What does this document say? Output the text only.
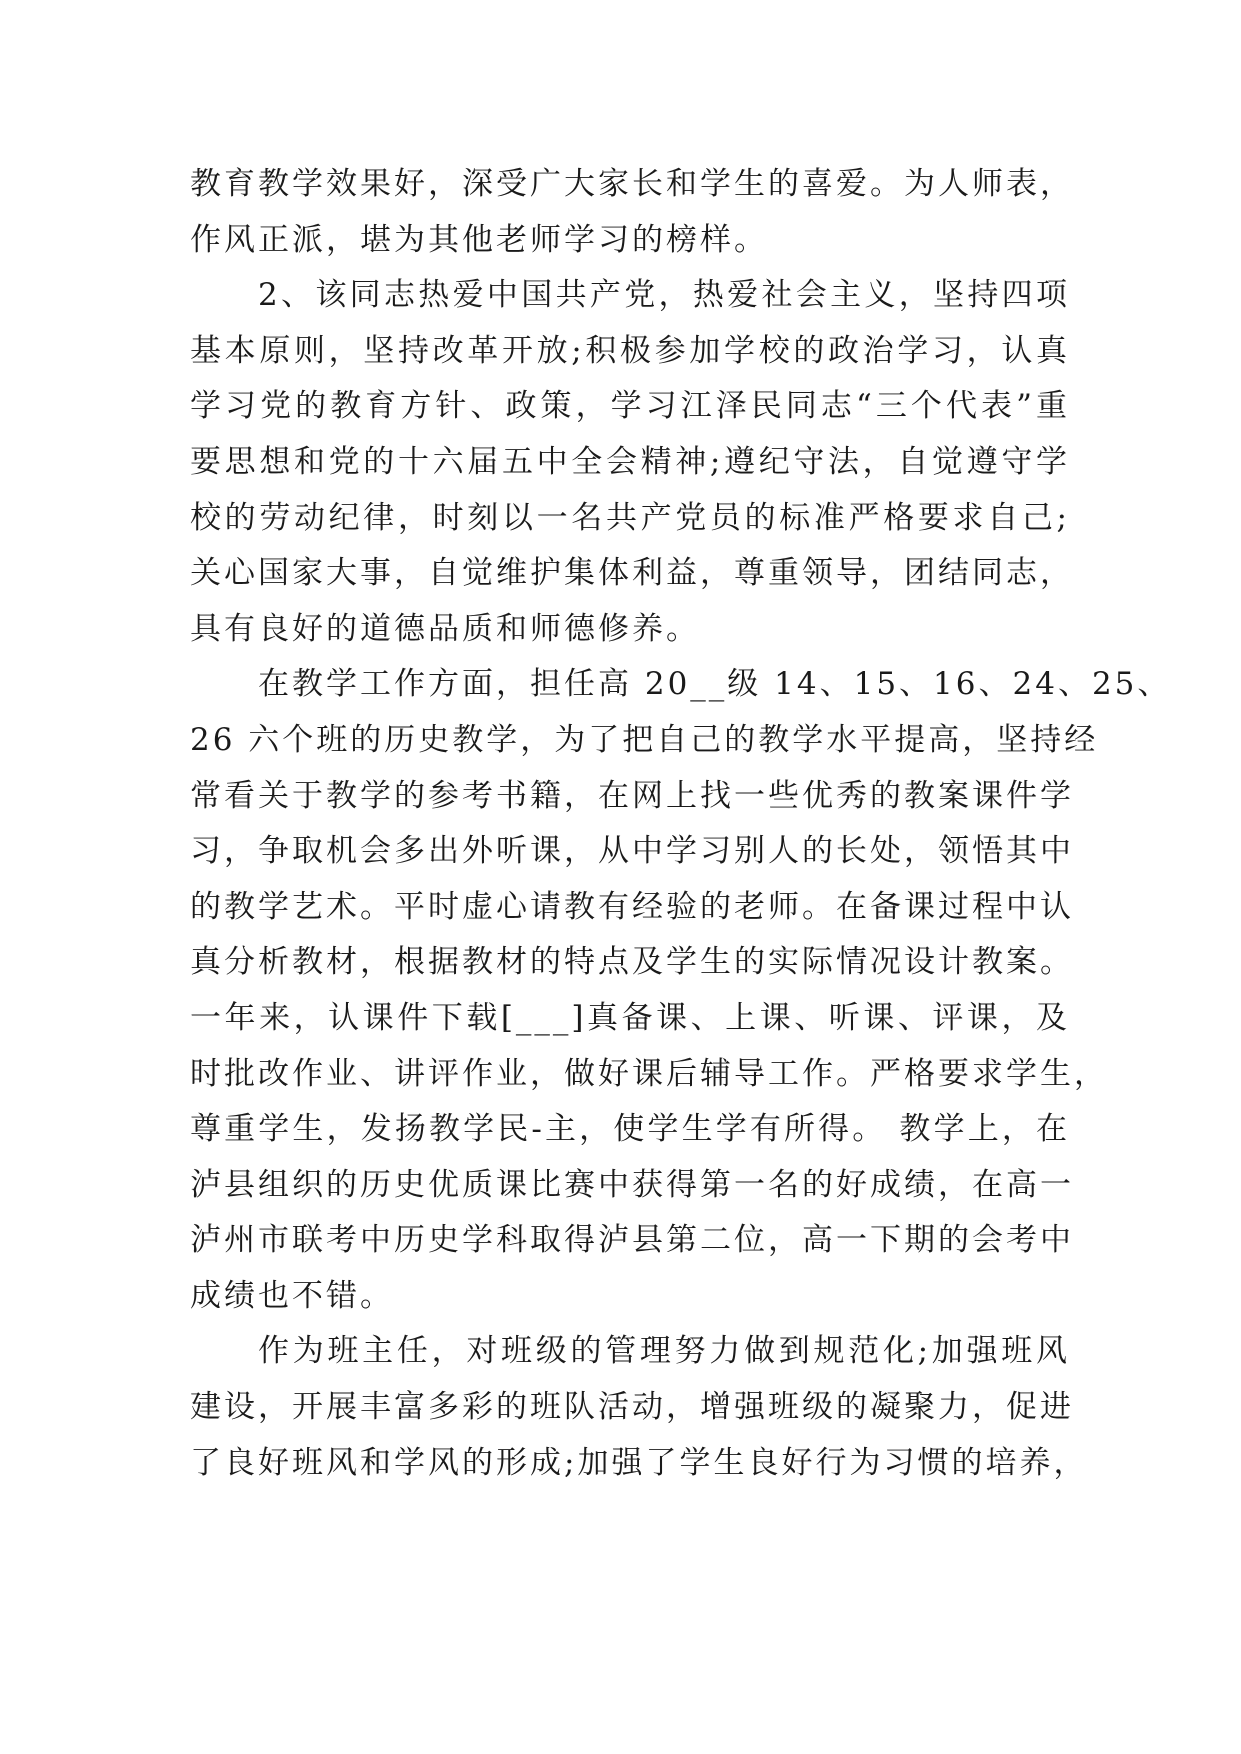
教育教学效果好，深受广大家长和学生的喜爱。为人师表，
作风正派，堪为其他老师学习的榜样。
2、该同志热爱中国共产党，热爱社会主义，坚持四项
基本原则，坚持改革开放;积极参加学校的政治学习，认真
学习党的教育方针、政策，学习江泽民同志“三个代表”重
要思想和党的十六届五中全会精神;遵纪守法，自觉遵守学
校的劳动纪律，时刻以一名共产党员的标准严格要求自己;
关心国家大事，自觉维护集体利益，尊重领导，团结同志，
具有良好的道德品质和师德修养。
在教学工作方面，担任高 20__级 14、15、16、24、25、
26 六个班的历史教学，为了把自己的教学水平提高，坚持经
常看关于教学的参考书籍，在网上找一些优秀的教案课件学
习，争取机会多出外听课，从中学习别人的长处，领悟其中
的教学艺术。平时虚心请教有经验的老师。在备课过程中认
真分析教材，根据教材的特点及学生的实际情况设计教案。
一年来，认课件下载[___]真备课、上课、听课、评课，及
时批改作业、讲评作业，做好课后辅导工作。严格要求学生，
尊重学生，发扬教学民-主，使学生学有所得。 教学上，在
泸县组织的历史优质课比赛中获得第一名的好成绩，在高一
泸州市联考中历史学科取得泸县第二位，高一下期的会考中
成绩也不错。
作为班主任，对班级的管理努力做到规范化;加强班风
建设，开展丰富多彩的班队活动，增强班级的凝聚力，促进
了良好班风和学风的形成;加强了学生良好行为习惯的培养，
